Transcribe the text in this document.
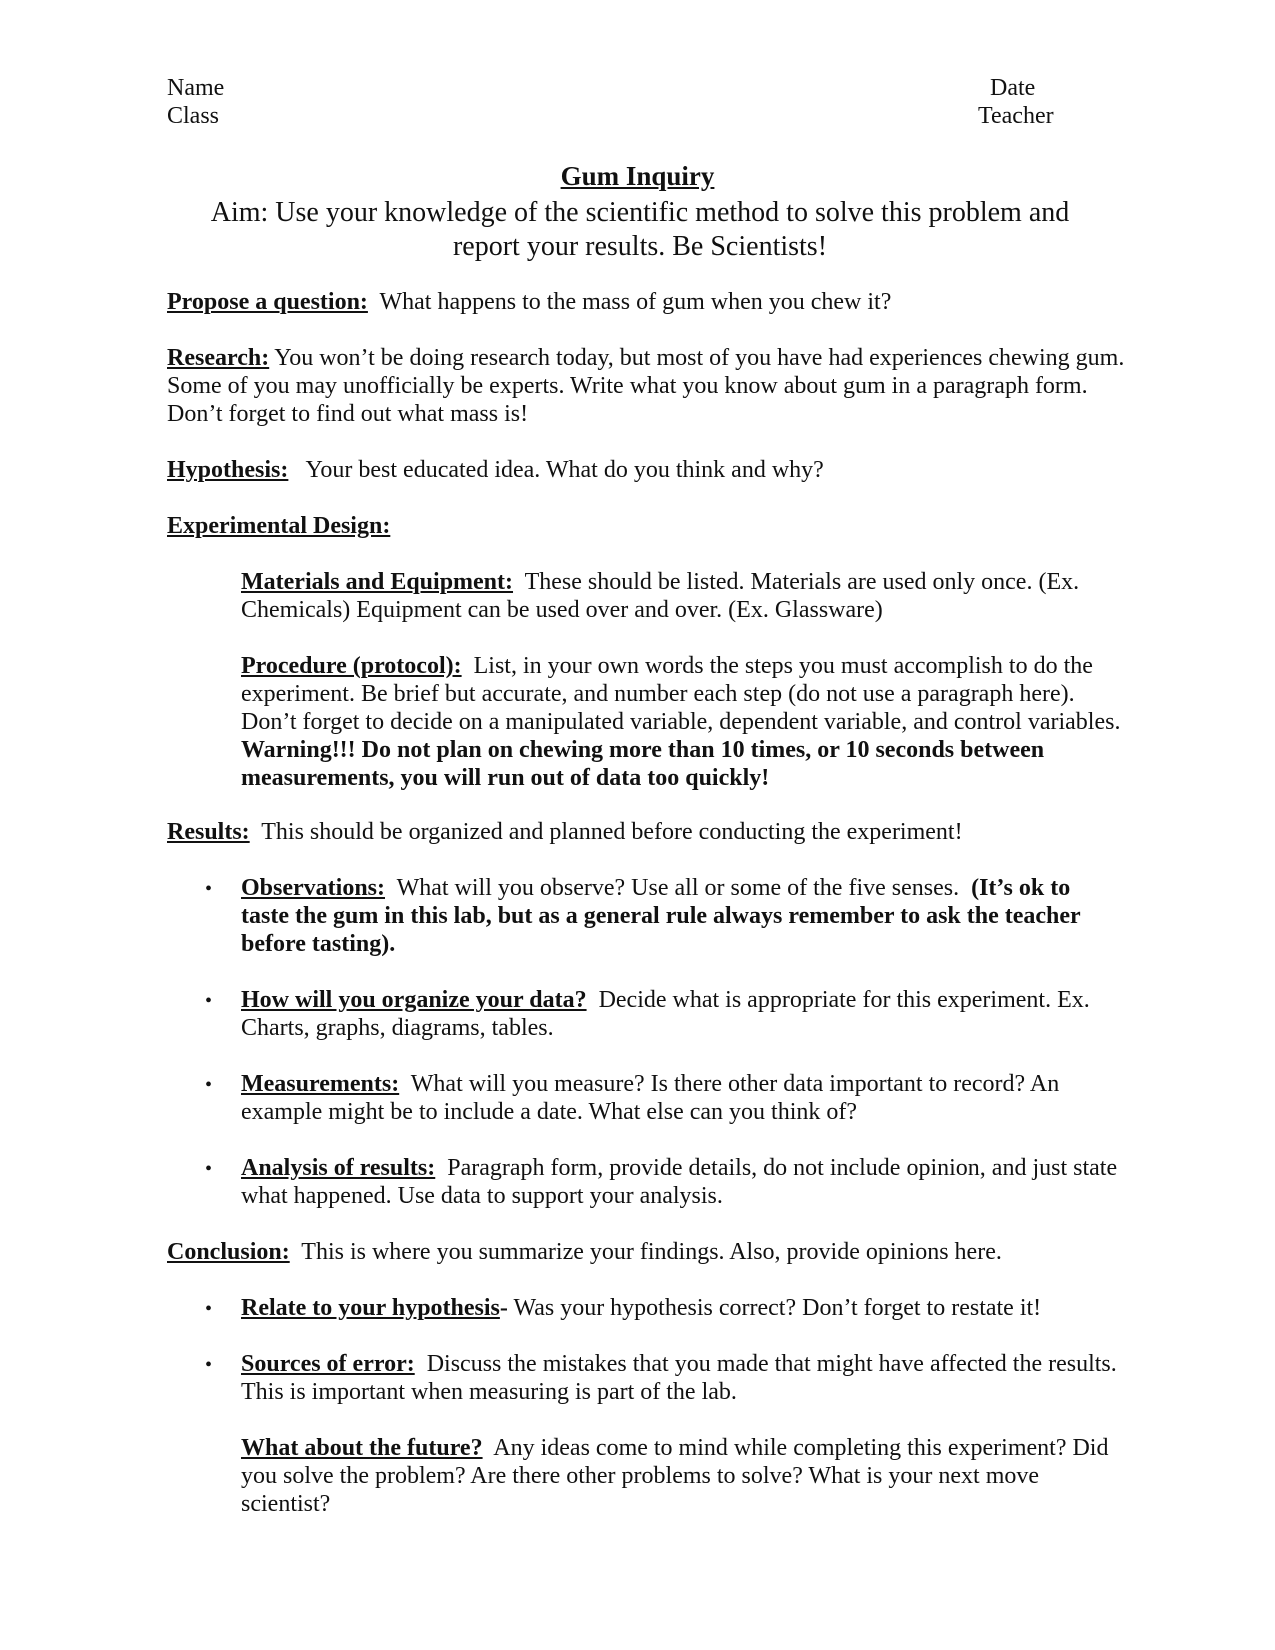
Name
Class
Date
Teacher
Gum Inquiry
Aim: Use your knowledge of the scientific method to solve this problem and
report your results. Be Scientists!
Propose a question: What happens to the mass of gum when you chew it?
Research: You won’t be doing research today, but most of you have had experiences chewing gum. Some of you may unofficially be experts. Write what you know about gum in a paragraph form. Don’t forget to find out what mass is!
Hypothesis: Your best educated idea. What do you think and why?
Experimental Design:
Materials and Equipment: These should be listed. Materials are used only once. (Ex. Chemicals) Equipment can be used over and over. (Ex. Glassware)
Procedure (protocol): List, in your own words the steps you must accomplish to do the experiment. Be brief but accurate, and number each step (do not use a paragraph here). Don’t forget to decide on a manipulated variable, dependent variable, and control variables. Warning!!! Do not plan on chewing more than 10 times, or 10 seconds between measurements, you will run out of data too quickly!
Results: This should be organized and planned before conducting the experiment!
• Observations: What will you observe? Use all or some of the five senses. (It’s ok to taste the gum in this lab, but as a general rule always remember to ask the teacher before tasting).
• How will you organize your data? Decide what is appropriate for this experiment. Ex. Charts, graphs, diagrams, tables.
• Measurements: What will you measure? Is there other data important to record? An example might be to include a date. What else can you think of?
• Analysis of results: Paragraph form, provide details, do not include opinion, and just state what happened. Use data to support your analysis.
Conclusion: This is where you summarize your findings. Also, provide opinions here.
• Relate to your hypothesis- Was your hypothesis correct? Don’t forget to restate it!
• Sources of error: Discuss the mistakes that you made that might have affected the results. This is important when measuring is part of the lab.
What about the future? Any ideas come to mind while completing this experiment? Did you solve the problem? Are there other problems to solve? What is your next move scientist?
